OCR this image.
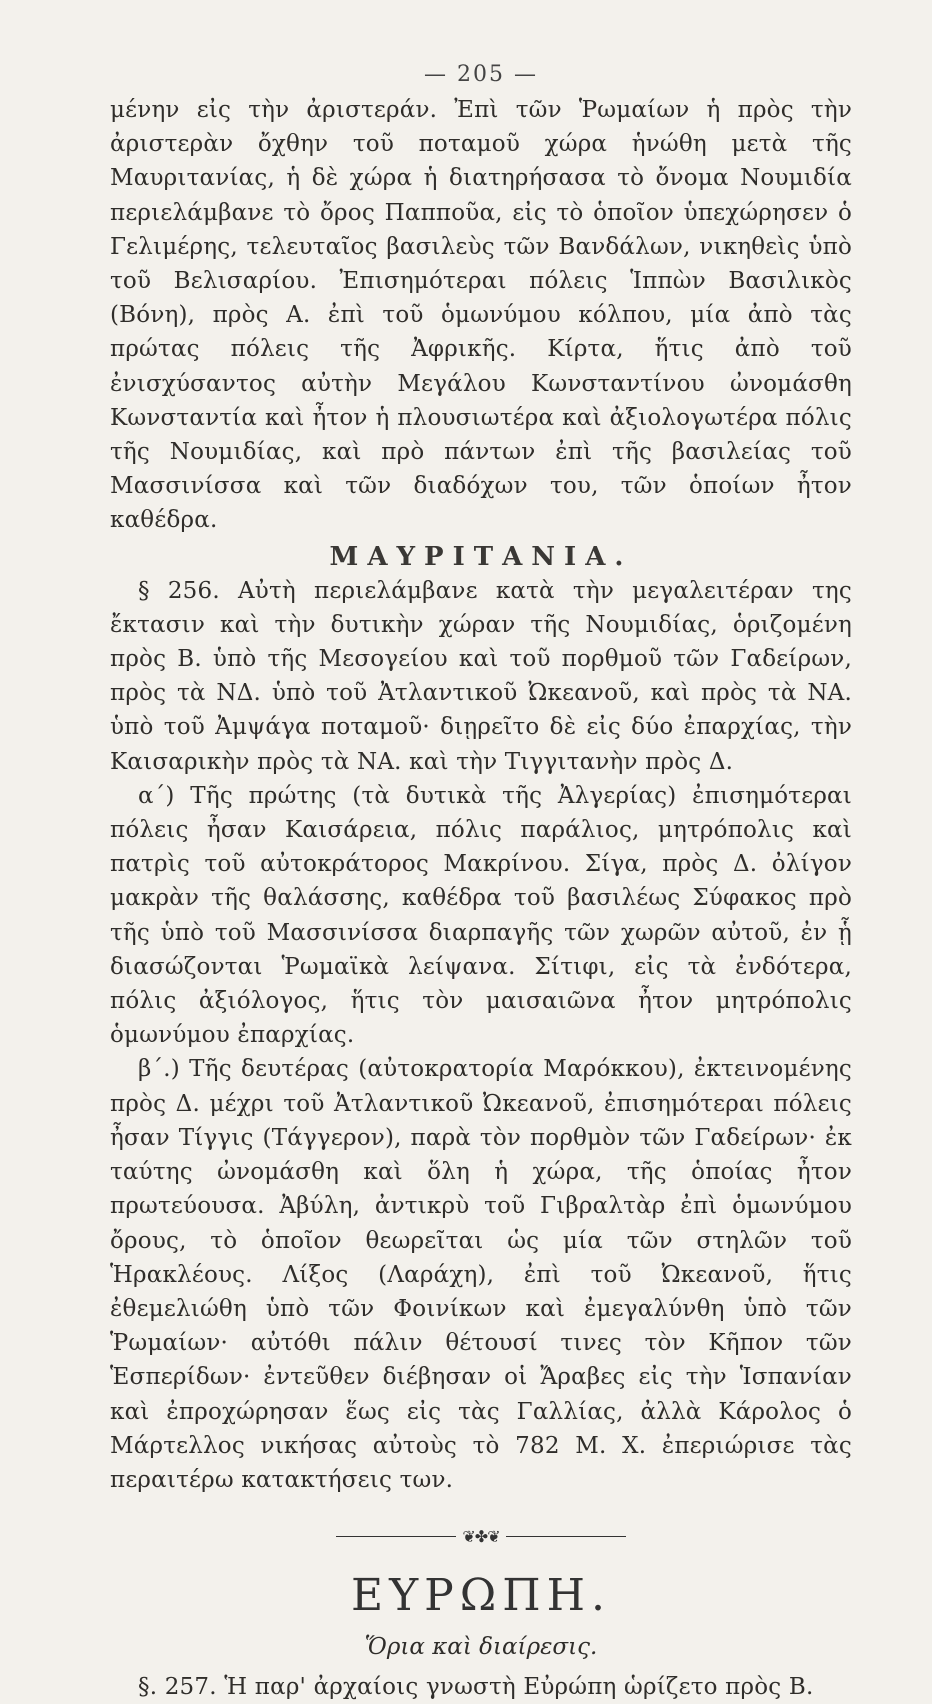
— 205 —

μένην εἰς τὴν ἀριστεράν. Ἐπὶ τῶν Ῥωμαίων ἡ πρὸς τὴν ἀριστερὰν ὄχθην τοῦ ποταμοῦ χώρα ἡνώθη μετὰ τῆς Μαυριτανίας, ἡ δὲ χώρα ἡ διατηρήσασα τὸ ὄνομα Νουμιδία περιελάμβανε τὸ ὄρος Παπποῦα, εἰς τὸ ὁποῖον ὑπεχώρησεν ὁ Γελιμέρης, τελευταῖος βασιλεὺς τῶν Βανδάλων, νικηθεὶς ὑπὸ τοῦ Βελισαρίου. Ἐπισημότεραι πόλεις Ἱππὼν Βασιλικὸς (Βόνη), πρὸς Α. ἐπὶ τοῦ ὁμωνύμου κόλπου, μία ἀπὸ τὰς πρώτας πόλεις τῆς Ἀφρικῆς. Κίρτα, ἥτις ἀπὸ τοῦ ἐνισχύσαντος αὐτὴν Μεγάλου Κωνσταντίνου ὠνομάσθη Κωνσταντία καὶ ἦτον ἡ πλουσιωτέρα καὶ ἀξιολογωτέρα πόλις τῆς Νουμιδίας, καὶ πρὸ πάντων ἐπὶ τῆς βασιλείας τοῦ Μασσινίσσα καὶ τῶν διαδόχων του, τῶν ὁποίων ἦτον καθέδρα.

ΜΑΥΡΙΤΑΝΙΑ.

§ 256. Αὐτὴ περιελάμβανε κατὰ τὴν μεγαλειτέραν της ἔκτασιν καὶ τὴν δυτικὴν χώραν τῆς Νουμιδίας, ὁριζομένη πρὸς Β. ὑπὸ τῆς Μεσογείου καὶ τοῦ πορθμοῦ τῶν Γαδείρων, πρὸς τὰ ΝΔ. ὑπὸ τοῦ Ἀτλαντικοῦ Ὠκεανοῦ, καὶ πρὸς τὰ ΝΑ. ὑπὸ τοῦ Ἀμψάγα ποταμοῦ· διῃρεῖτο δὲ εἰς δύο ἐπαρχίας, τὴν Καισαρικὴν πρὸς τὰ ΝΑ. καὶ τὴν Τιγγιτανὴν πρὸς Δ.

α΄) Τῆς πρώτης (τὰ δυτικὰ τῆς Ἀλγερίας) ἐπισημότεραι πόλεις ἦσαν Καισάρεια, πόλις παράλιος, μητρόπολις καὶ πατρὶς τοῦ αὐτοκράτορος Μακρίνου. Σίγα, πρὸς Δ. ὀλίγον μακρὰν τῆς θαλάσσης, καθέδρα τοῦ βασιλέως Σύφακος πρὸ τῆς ὑπὸ τοῦ Μασσινίσσα διαρπαγῆς τῶν χωρῶν αὐτοῦ, ἐν ᾗ διασώζονται Ῥωμαϊκὰ λείψανα. Σίτιφι, εἰς τὰ ἐνδότερα, πόλις ἀξιόλογος, ἥτις τὸν μαισαιῶνα ἦτον μητρόπολις ὁμωνύμου ἐπαρχίας.

β΄.) Τῆς δευτέρας (αὐτοκρατορία Μαρόκκου), ἐκτεινομένης πρὸς Δ. μέχρι τοῦ Ἀτλαντικοῦ Ὠκεανοῦ, ἐπισημότεραι πόλεις ἦσαν Τίγγις (Τάγγερον), παρὰ τὸν πορθμὸν τῶν Γαδείρων· ἐκ ταύτης ὠνομάσθη καὶ ὅλη ἡ χώρα, τῆς ὁποίας ἦτον πρωτεύουσα. Ἀβύλη, ἀντικρὺ τοῦ Γιβραλτὰρ ἐπὶ ὁμωνύμου ὄρους, τὸ ὁποῖον θεωρεῖται ὡς μία τῶν στηλῶν τοῦ Ἡρακλέους. Λίξος (Λαράχη), ἐπὶ τοῦ Ὠκεανοῦ, ἥτις ἐθεμελιώθη ὑπὸ τῶν Φοινίκων καὶ ἐμεγαλύνθη ὑπὸ τῶν Ῥωμαίων· αὐτόθι πάλιν θέτουσί τινες τὸν Κῆπον τῶν Ἑσπερίδων· ἐντεῦθεν διέβησαν οἱ Ἄραβες εἰς τὴν Ἱσπανίαν καὶ ἐπροχώρησαν ἕως εἰς τὰς Γαλλίας, ἀλλὰ Κάρολος ὁ Μάρτελλος νικήσας αὐτοὺς τὸ 782 Μ. Χ. ἐπεριώρισε τὰς περαιτέρω κατακτήσεις των.

❦✤❦
ΕΥΡΩΠΗ.
Ὅρια καὶ διαίρεσις.

§. 257. Ἡ παρ' ἀρχαίοις γνωστὴ Εὐρώπη ὡρίζετο πρὸς Β.
